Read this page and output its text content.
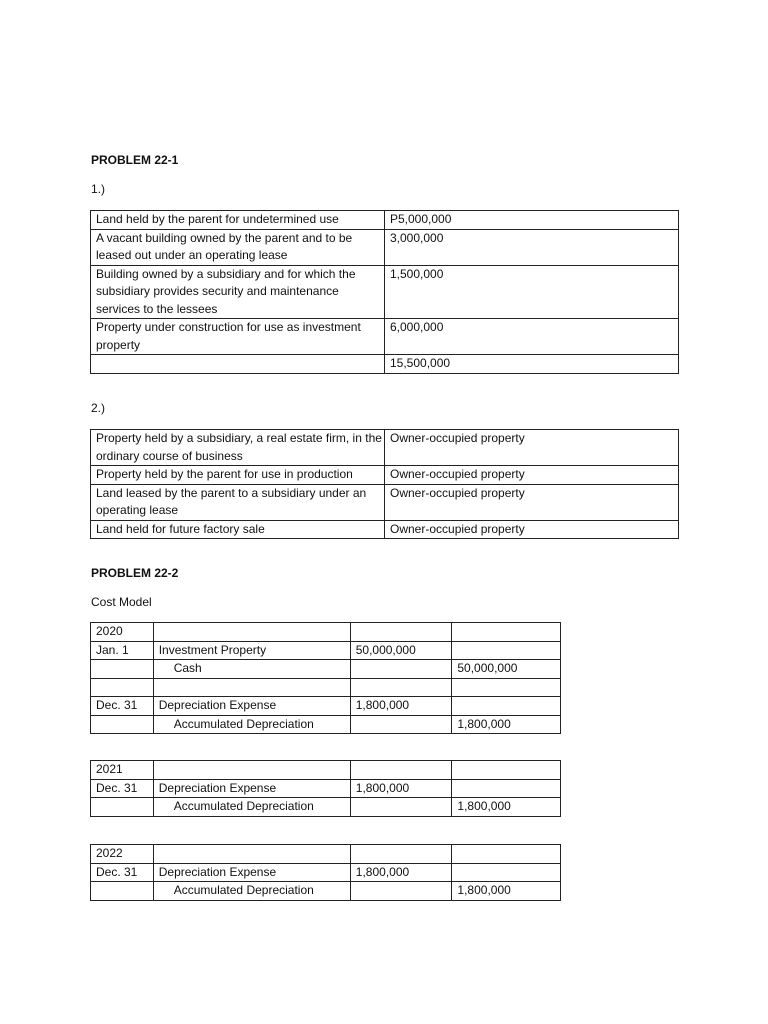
PROBLEM 22-1
1.)
Land held by the parent for undetermined use	P5,000,000
A vacant building owned by the parent and to be leased out under an operating lease	3,000,000
Building owned by a subsidiary and for which the subsidiary provides security and maintenance services to the lessees	1,500,000
Property under construction for use as investment property	6,000,000
	15,500,000
2.)
Property held by a subsidiary, a real estate firm, in the ordinary course of business	Owner-occupied property
Property held by the parent for use in production	Owner-occupied property
Land leased by the parent to a subsidiary under an operating lease	Owner-occupied property
Land held for future factory sale	Owner-occupied property
PROBLEM 22-2
Cost Model
2020			
Jan. 1	Investment Property	50,000,000	
	Cash		50,000,000

Dec. 31	Depreciation Expense	1,800,000	
	Accumulated Depreciation		1,800,000
2021			
Dec. 31	Depreciation Expense	1,800,000	
	Accumulated Depreciation		1,800,000
2022			
Dec. 31	Depreciation Expense	1,800,000	
	Accumulated Depreciation		1,800,000
